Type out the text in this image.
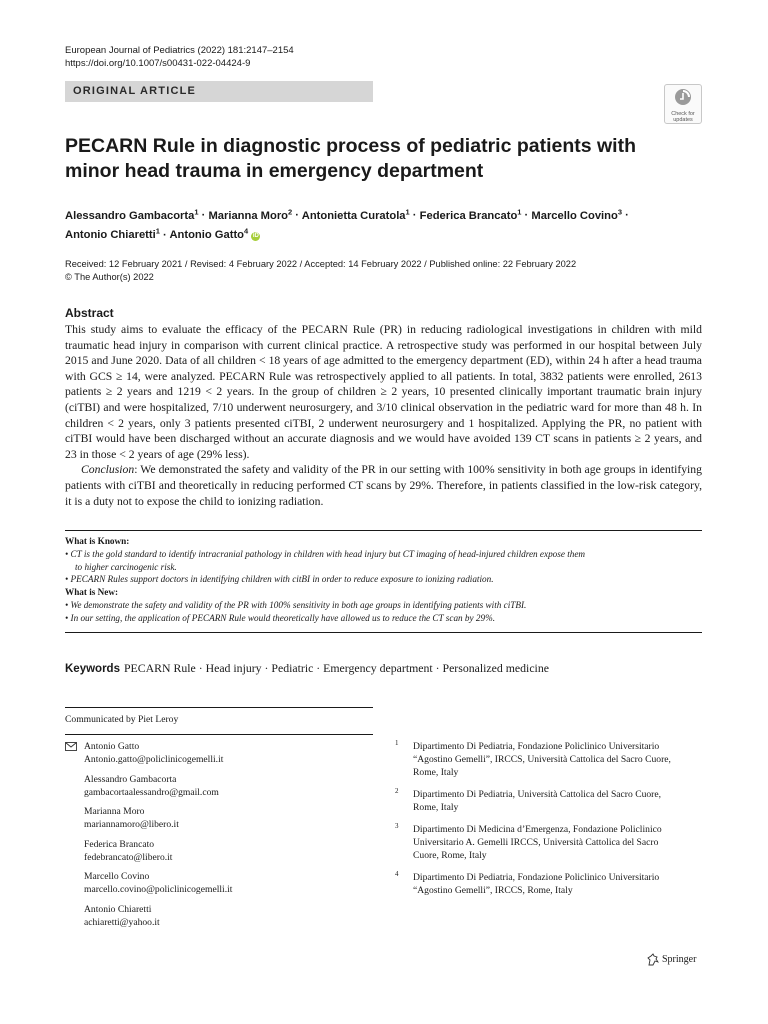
European Journal of Pediatrics (2022) 181:2147–2154
https://doi.org/10.1007/s00431-022-04424-9
ORIGINAL ARTICLE
Check for
updates
PECARN Rule in diagnostic process of pediatric patients with minor head trauma in emergency department
Alessandro Gambacorta$^1$ · Marianna Moro$^2$ · Antonietta Curatola$^1$ · Federica Brancato$^1$ · Marcello Covino$^3$ ·
Antonio Chiaretti$^1$ · Antonio Gatto$^4$ iD
Received: 12 February 2021 / Revised: 4 February 2022 / Accepted: 14 February 2022 / Published online: 22 February 2022
© The Author(s) 2022
Abstract

This study aims to evaluate the efficacy of the PECARN Rule (PR) in reducing radiological investigations in children with mild traumatic head injury in comparison with current clinical practice. A retrospective study was performed in our hospital between July 2015 and June 2020. Data of all children < 18 years of age admitted to the emergency department (ED), within 24 h after a head trauma with GCS ≥ 14, were analyzed. PECARN Rule was retrospectively applied to all patients. In total, 3832 patients were enrolled, 2613 patients ≥ 2 years and 1219 < 2 years. In the group of children ≥ 2 years, 10 presented clinically important traumatic brain injury (ciTBI) and were hospitalized, 7/10 underwent neurosurgery, and 3/10 clinical observation in the pediatric ward for more than 48 h. In children < 2 years, only 3 patients presented ciTBI, 2 underwent neurosurgery and 1 hospitalized. Applying the PR, no patient with ciTBI would have been discharged without an accurate diagnosis and we would have avoided 139 CT scans in patients ≥ 2 years, and 23 in those < 2 years of age (29% less).

Conclusion: We demonstrated the safety and validity of the PR in our setting with 100% sensitivity in both age groups in identifying patients with ciTBI and theoretically in reducing performed CT scans by 29%. Therefore, in patients classified in the low-risk category, it is a duty not to expose the child to ionizing radiation.

What is Known:
• CT is the gold standard to identify intracranial pathology in children with head injury but CT imaging of head-injured children expose them
to higher carcinogenic risk.
• PECARN Rules support doctors in identifying children with citBI in order to reduce exposure to ionizing radiation.
What is New:
• We demonstrate the safety and validity of the PR with 100% sensitivity in both age groups in identifying patients with ciTBI.
• In our setting, the application of PECARN Rule would theoretically have allowed us to reduce the CT scan by 29%.
Keywords PECARN Rule · Head injury · Pediatric · Emergency department · Personalized medicine
Communicated by Piet Leroy
Antonio Gatto
Antonio.gatto@policlinicogemelli.it
Alessandro Gambacorta
gambacortaalessandro@gmail.com
Marianna Moro
mariannamoro@libero.it
Federica Brancato
fedebrancato@libero.it
Marcello Covino
marcello.covino@policlinicogemelli.it
Antonio Chiaretti
achiaretti@yahoo.it
1 Dipartimento Di Pediatria, Fondazione Policlinico Universitario “Agostino Gemelli”, IRCCS, Università Cattolica del Sacro Cuore, Rome, Italy
2 Dipartimento Di Pediatria, Università Cattolica del Sacro Cuore, Rome, Italy
3 Dipartimento Di Medicina d’Emergenza, Fondazione Policlinico Universitario A. Gemelli IRCCS, Università Cattolica del Sacro Cuore, Rome, Italy
4 Dipartimento Di Pediatria, Fondazione Policlinico Universitario “Agostino Gemelli”, IRCCS, Rome, Italy
Springer
